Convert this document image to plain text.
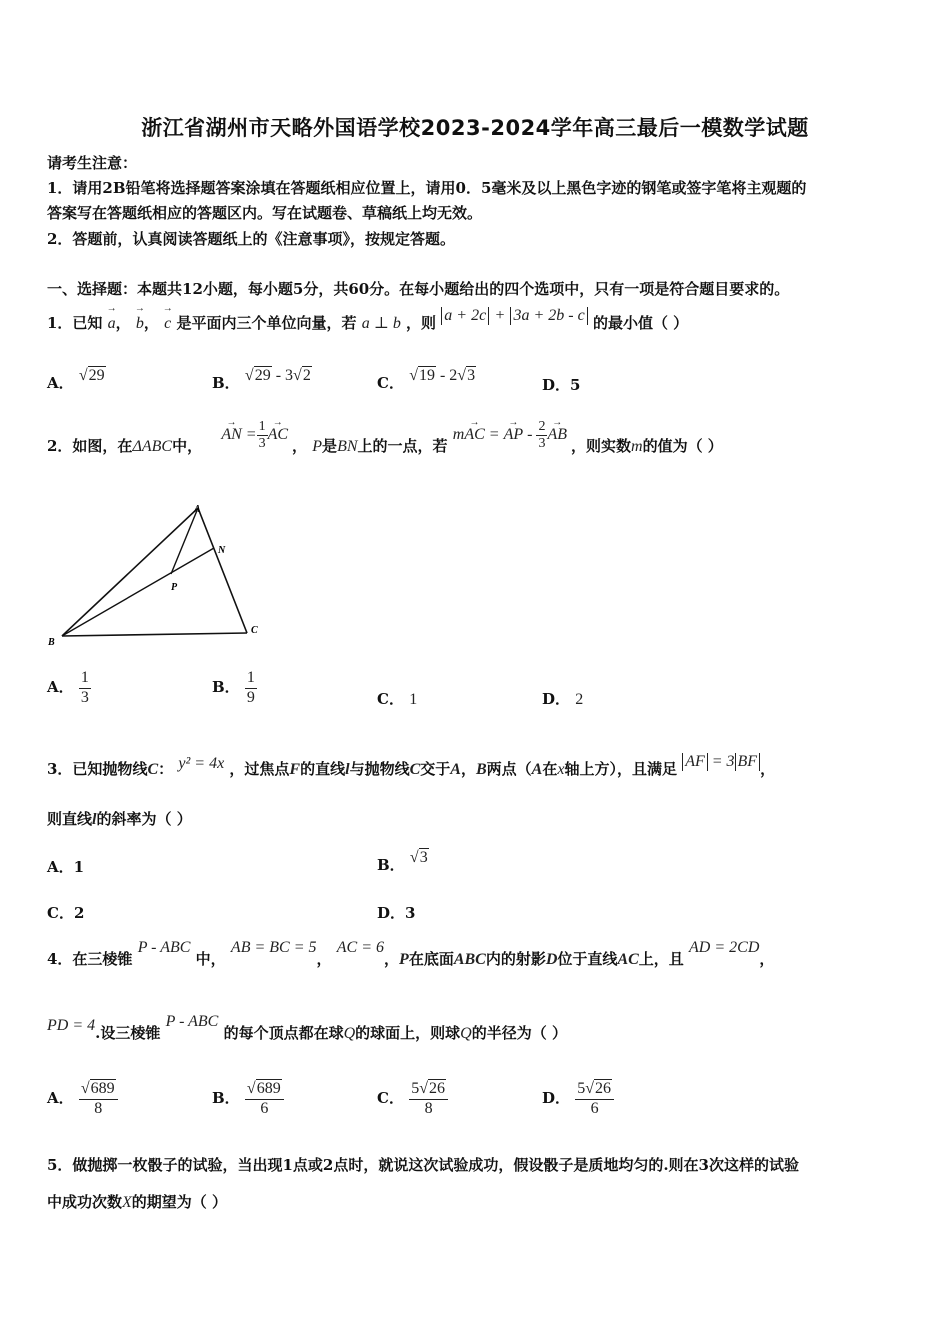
浙江省湖州市天略外国语学校2023-2024学年高三最后一模数学试题
请考生注意：
1．请用2B铅笔将选择题答案涂填在答题纸相应位置上，请用0．5毫米及以上黑色字迹的钢笔或签字笔将主观题的
答案写在答题纸相应的答题区内。写在试题卷、草稿纸上均无效。
2．答题前，认真阅读答题纸上的《注意事项》，按规定答题。
一、选择题：本题共12小题，每小题5分，共60分。在每小题给出的四个选项中，只有一项是符合题目要求的。
1．已知 → a， → b， → c 是平面内三个单位向量，若 a ⊥ b ，则 a + 2c + 3a + 2b - c 的最小值（ ）
A． √29	B． √29 - 3√2	C． √19 - 2√3
D．5
2．如图，在ΔABC中， → AN = $\frac{1}{3}$ → AC ， P是BN上的一点，若 m→ AC = → AP - $\frac{2}{3}$ → AB ，则实数m的值为（ ）
A
N
P
B
C
A． $\frac{1}{3}$	B． $\frac{1}{9}$	C． 1	D． 2
3．已知抛物线C： y² = 4x ，过焦点F的直线l与抛物线C交于A，B两点（A在x轴上方），且满足 AF = 3 BF ，
则直线l的斜率为（ ）
A．1	B． √3
C．2	D．3
4．在三棱锥 P - ABC 中， AB = BC = 5， AC = 6，P在底面ABC内的射影D位于直线AC上，且 AD = 2CD，
PD = 4.设三棱锥 P - ABC 的每个顶点都在球Q的球面上，则球Q的半径为（ ）
A． $\frac{√689}{8}$	B． $\frac{√689}{6}$	C． $\frac{5√26}{8}$	D． $\frac{5√26}{6}$
5．做抛掷一枚骰子的试验，当出现1点或2点时，就说这次试验成功，假设骰子是质地均匀的.则在3次这样的试验
中成功次数X的期望为（ ）
